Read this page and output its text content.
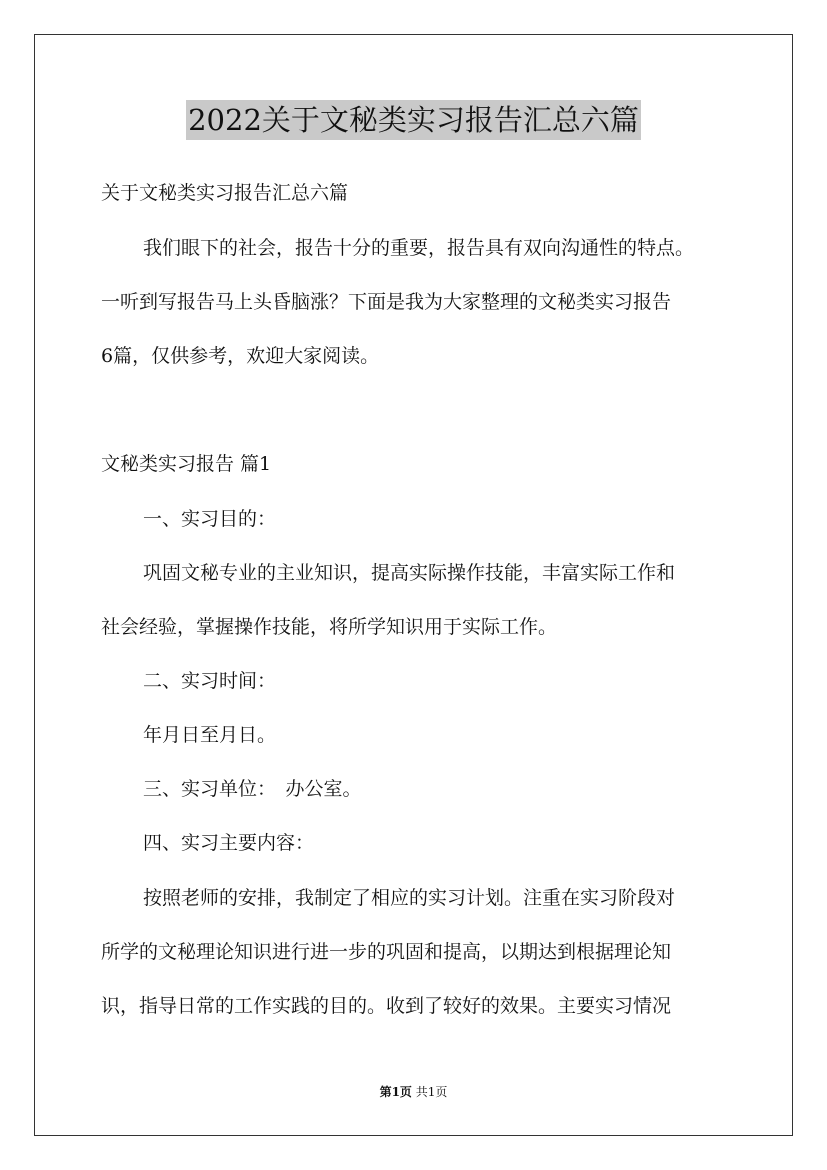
2022关于文秘类实习报告汇总六篇
关于文秘类实习报告汇总六篇
我们眼下的社会，报告十分的重要，报告具有双向沟通性的特点。
一听到写报告马上头昏脑涨？下面是我为大家整理的文秘类实习报告
6篇，仅供参考，欢迎大家阅读。
文秘类实习报告 篇1
一、实习目的：
巩固文秘专业的主业知识，提高实际操作技能，丰富实际工作和
社会经验，掌握操作技能，将所学知识用于实际工作。
二、实习时间：
年月日至月日。
三、实习单位：　办公室。
四、实习主要内容：
按照老师的安排，我制定了相应的实习计划。注重在实习阶段对
所学的文秘理论知识进行进一步的巩固和提高，以期达到根据理论知
识，指导日常的工作实践的目的。收到了较好的效果。主要实习情况
第1页 共1页
